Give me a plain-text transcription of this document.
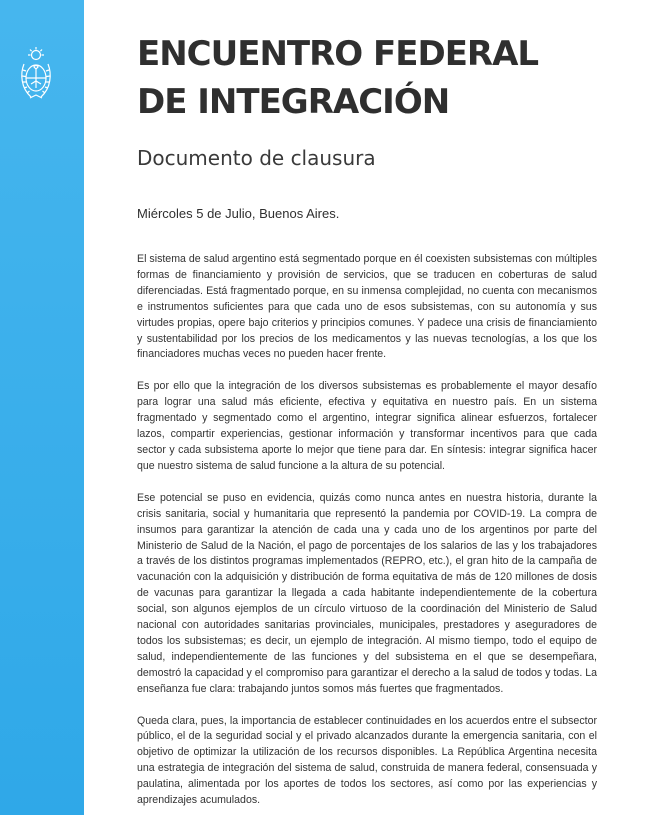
ENCUENTRO FEDERAL
DE INTEGRACIÓN
Documento de clausura

Miércoles 5 de Julio, Buenos Aires.

El sistema de salud argentino está segmentado porque en él coexisten subsistemas con múltiples formas de financiamiento y provisión de servicios, que se traducen en coberturas de salud diferenciadas. Está fragmentado porque, en su inmensa complejidad, no cuenta con mecanismos e instrumentos suficientes para que cada uno de esos subsistemas, con su autonomía y sus virtudes propias, opere bajo criterios y principios comunes. Y padece una crisis de financiamiento y sustentabilidad por los precios de los medicamentos y las nuevas tecnologías, a los que los financiadores muchas veces no pueden hacer frente.

Es por ello que la integración de los diversos subsistemas es probablemente el mayor desafío para lograr una salud más eficiente, efectiva y equitativa en nuestro país. En un sistema fragmentado y segmentado como el argentino, integrar significa alinear esfuerzos, fortalecer lazos, compartir experiencias, gestionar información y transformar incentivos para que cada sector y cada subsistema aporte lo mejor que tiene para dar. En síntesis: integrar significa hacer que nuestro sistema de salud funcione a la altura de su potencial.

Ese potencial se puso en evidencia, quizás como nunca antes en nuestra historia, durante la crisis sanitaria, social y humanitaria que representó la pandemia por COVID-19. La compra de insumos para garantizar la atención de cada una y cada uno de los argentinos por parte del Ministerio de Salud de la Nación, el pago de porcentajes de los salarios de las y los trabajadores a través de los distintos programas implementados (REPRO, etc.), el gran hito de la campaña de vacunación con la adquisición y distribución de forma equitativa de más de 120 millones de dosis de vacunas para garantizar la llegada a cada habitante independientemente de la cobertura social, son algunos ejemplos de un círculo virtuoso de la coordinación del Ministerio de Salud nacional con autoridades sanitarias provinciales, municipales, prestadores y aseguradores de todos los subsistemas; es decir, un ejemplo de integración. Al mismo tiempo, todo el equipo de salud, independientemente de las funciones y del subsistema en el que se desempeñara, demostró la capacidad y el compromiso para garantizar el derecho a la salud de todos y todas. La enseñanza fue clara: trabajando juntos somos más fuertes que fragmentados.

Queda clara, pues, la importancia de establecer continuidades en los acuerdos entre el subsector público, el de la seguridad social y el privado alcanzados durante la emergencia sanitaria, con el objetivo de optimizar la utilización de los recursos disponibles. La República Argentina necesita una estrategia de integración del sistema de salud, construida de manera federal, consensuada y paulatina, alimentada por los aportes de todos los sectores, así como por las experiencias y aprendizajes acumulados.
